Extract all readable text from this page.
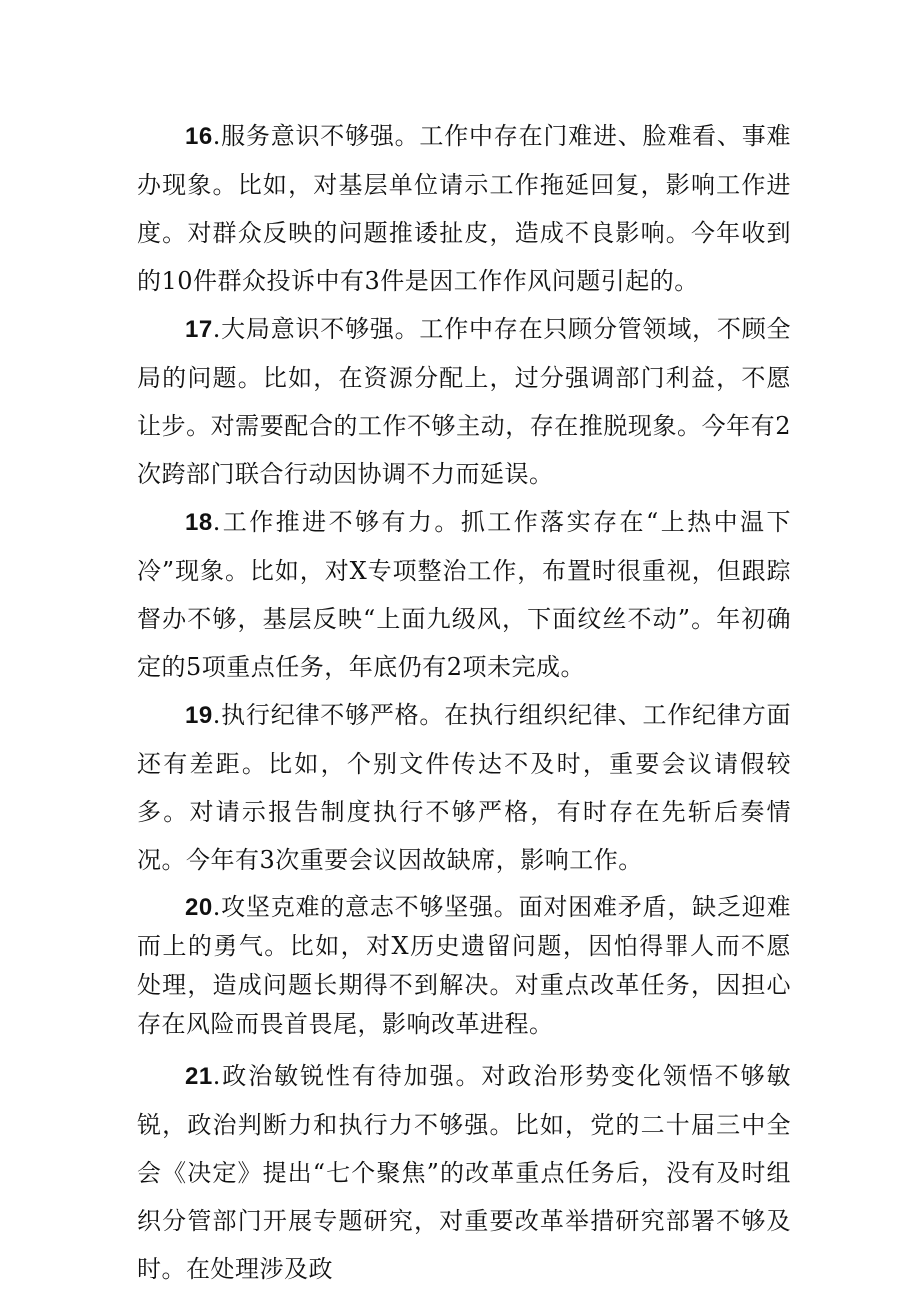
16.服务意识不够强。工作中存在门难进、脸难看、事难办现象。比如，对基层单位请示工作拖延回复，影响工作进度。对群众反映的问题推诿扯皮，造成不良影响。今年收到的10件群众投诉中有3件是因工作作风问题引起的。

17.大局意识不够强。工作中存在只顾分管领域，不顾全局的问题。比如，在资源分配上，过分强调部门利益，不愿让步。对需要配合的工作不够主动，存在推脱现象。今年有2次跨部门联合行动因协调不力而延误。

18.工作推进不够有力。抓工作落实存在“上热中温下冷”现象。比如，对X专项整治工作，布置时很重视，但跟踪督办不够，基层反映“上面九级风，下面纹丝不动”。年初确定的5项重点任务，年底仍有2项未完成。

19.执行纪律不够严格。在执行组织纪律、工作纪律方面还有差距。比如，个别文件传达不及时，重要会议请假较多。对请示报告制度执行不够严格，有时存在先斩后奏情况。今年有3次重要会议因故缺席，影响工作。

20.攻坚克难的意志不够坚强。面对困难矛盾，缺乏迎难而上的勇气。比如，对X历史遗留问题，因怕得罪人而不愿处理，造成问题长期得不到解决。对重点改革任务，因担心存在风险而畏首畏尾，影响改革进程。

21.政治敏锐性有待加强。对政治形势变化领悟不够敏锐，政治判断力和执行力不够强。比如，党的二十届三中全会《决定》提出“七个聚焦”的改革重点任务后，没有及时组织分管部门开展专题研究，对重要改革举措研究部署不够及时。在处理涉及政
